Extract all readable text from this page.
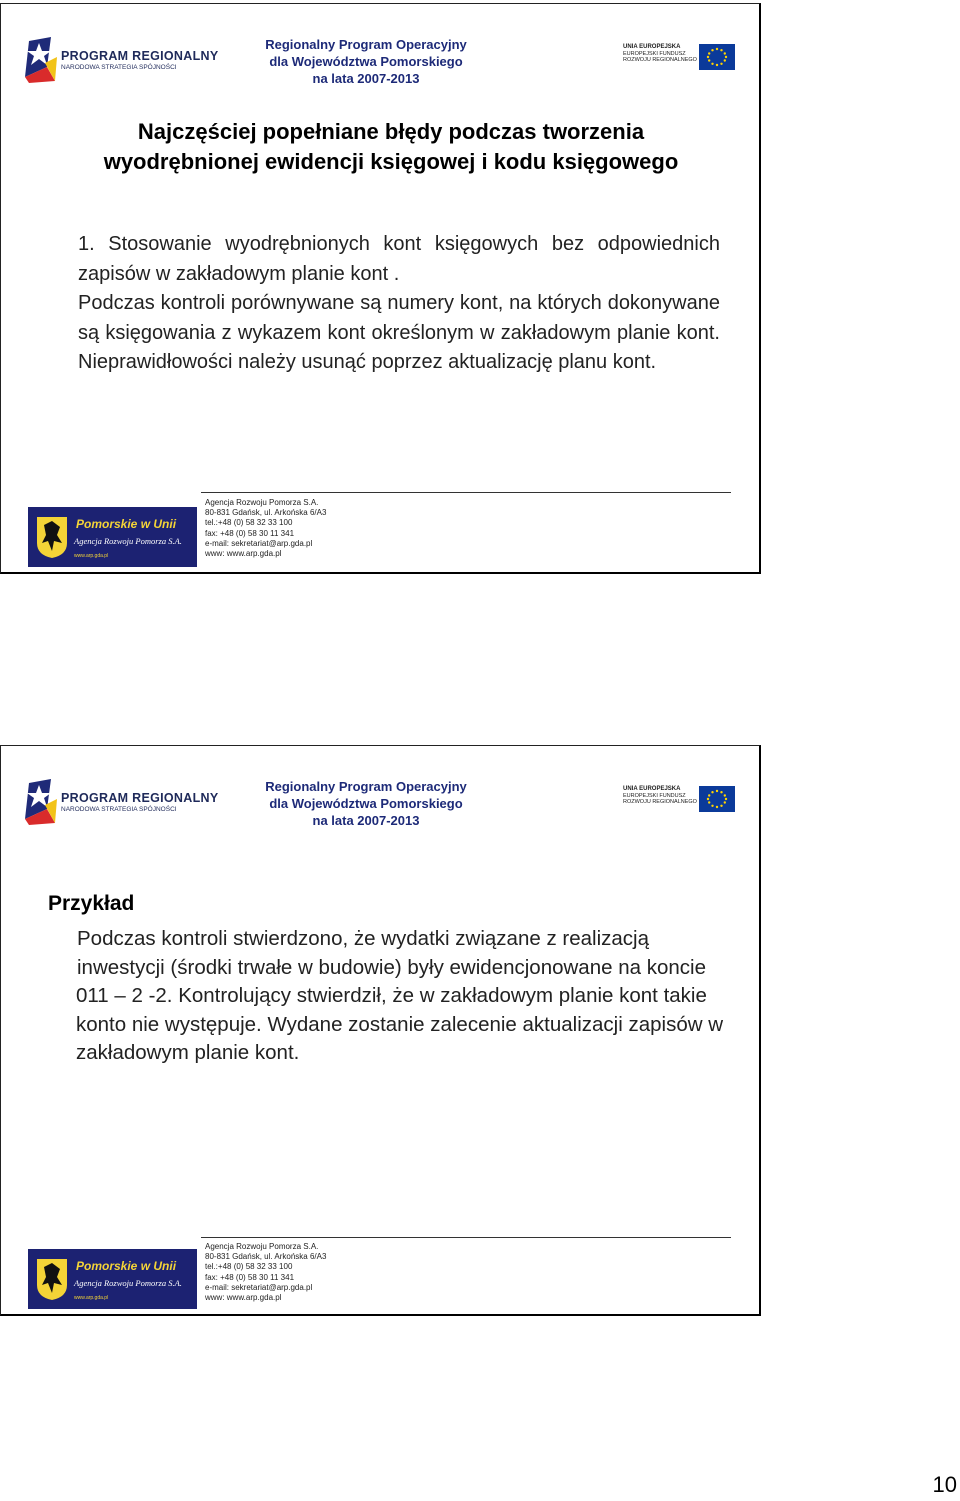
PROGRAM REGIONALNY
NARODOWA STRATEGIA SPÓJNOŚCI
Regionalny Program Operacyjny
dla Województwa Pomorskiego
na lata 2007-2013
UNIA EUROPEJSKA
EUROPEJSKI FUNDUSZ
ROZWOJU REGIONALNEGO
Najczęściej popełniane błędy podczas tworzenia
wyodrębnionej ewidencji księgowej i kodu księgowego

1. Stosowanie wyodrębnionych kont księgowych bez odpowiednich zapisów w zakładowym planie kont .

Podczas kontroli porównywane są numery kont, na których dokonywane są księgowania z wykazem kont określonym w zakładowym planie kont. Nieprawidłowości należy usunąć poprzez aktualizację planu kont.

Pomorskie w Unii
Agencja Rozwoju Pomorza S.A.
www.arp.gda.pl
Agencja Rozwoju Pomorza S.A.
80-831 Gdańsk, ul. Arkońska 6/A3
tel.:+48 (0) 58 32 33 100
fax: +48 (0) 58 30 11 341
e-mail: sekretariat@arp.gda.pl
www: www.arp.gda.pl
PROGRAM REGIONALNY
NARODOWA STRATEGIA SPÓJNOŚCI
Regionalny Program Operacyjny
dla Województwa Pomorskiego
na lata 2007-2013
UNIA EUROPEJSKA
EUROPEJSKI FUNDUSZ
ROZWOJU REGIONALNEGO
Pomorskie w Unii
Agencja Rozwoju Pomorza S.A.
www.arp.gda.pl
Agencja Rozwoju Pomorza S.A.
80-831 Gdańsk, ul. Arkońska 6/A3
tel.:+48 (0) 58 32 33 100
fax: +48 (0) 58 30 11 341
e-mail: sekretariat@arp.gda.pl
www: www.arp.gda.pl
Przykład

Podczas kontroli stwierdzono, że wydatki związane z realizacją inwestycji (środki trwałe w budowie) były ewidencjonowane na koncie

011 – 2 -2. Kontrolujący stwierdził, że w zakładowym planie kont takie konto nie występuje. Wydane zostanie zalecenie aktualizacji zapisów w zakładowym planie kont.

10
